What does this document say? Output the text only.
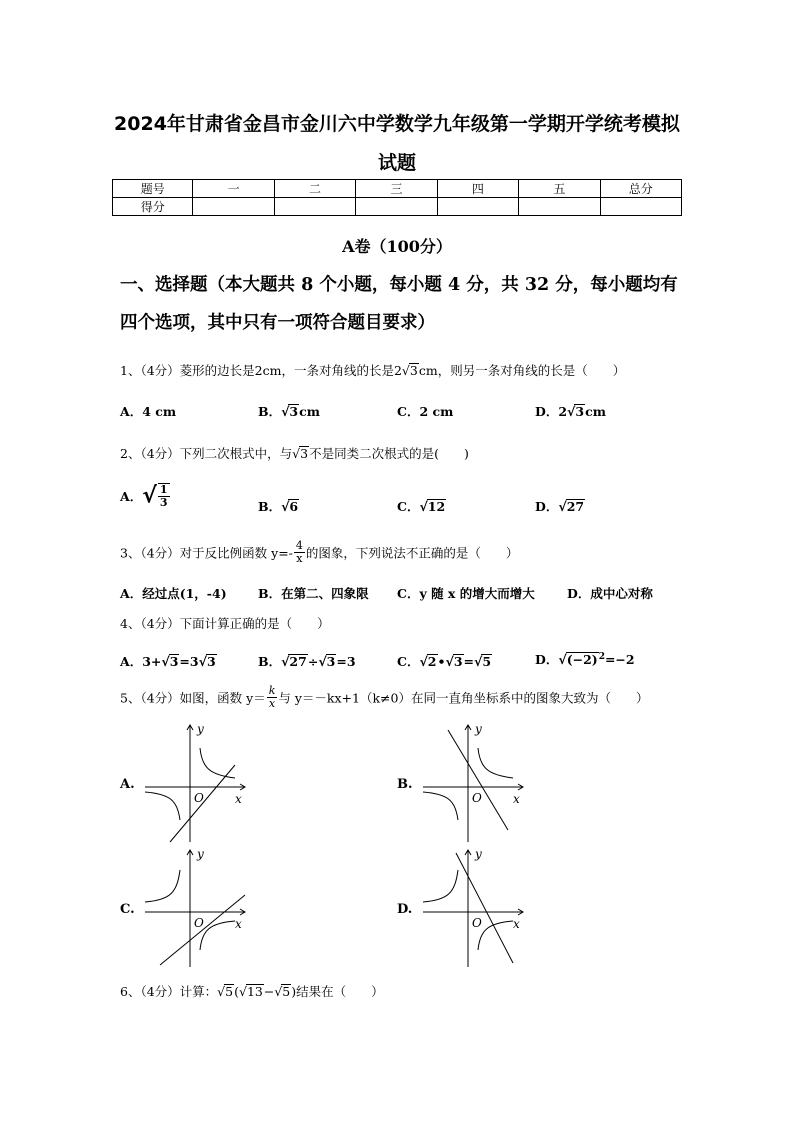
2024年甘肃省金昌市金川六中学数学九年级第一学期开学统考模拟
试题
题号	一	二	三	四	五	总分
得分						
A卷（100分）
一、选择题（本大题共 8 个小题，每小题 4 分，共 32 分，每小题均有四个选项，其中只有一项符合题目要求）
1、（4分）菱形的边长是2cm，一条对角线的长是2√3cm，则另一条对角线的长是（　　）
A．4 cm	B．√3cm	C．2 cm	D．2√3cm
2、（4分）下列二次根式中，与√3不是同类二次根式的是(　　)
A．√ $\frac{1}{3}$	B．√6	C．√12	D．√27
3、（4分）对于反比例函数 $y=- \frac{4}{x}$ 的图象，下列说法不正确的是（　　）
A．经过点(1，-4)	B．在第二、四象限 C．y 随 x 的增大而增大	D．成中心对称
4、（4分）下面计算正确的是（　　）
A．3+√3=3√3	B．√27÷√3=3	C．√2•√3=√5	D．$√(-2)^2=-2$
5、（4分）如图，函数 $y= \frac{k}{x}$ 与 y＝－kx+1（k≠0）在同一直角坐标系中的图象大致为（　　）
A.	B.
C.	D.
y
x
O
y
x
O
y
x
O
y
x
O
6、（4分）计算：√5(√13−√5)结果在（　　）
